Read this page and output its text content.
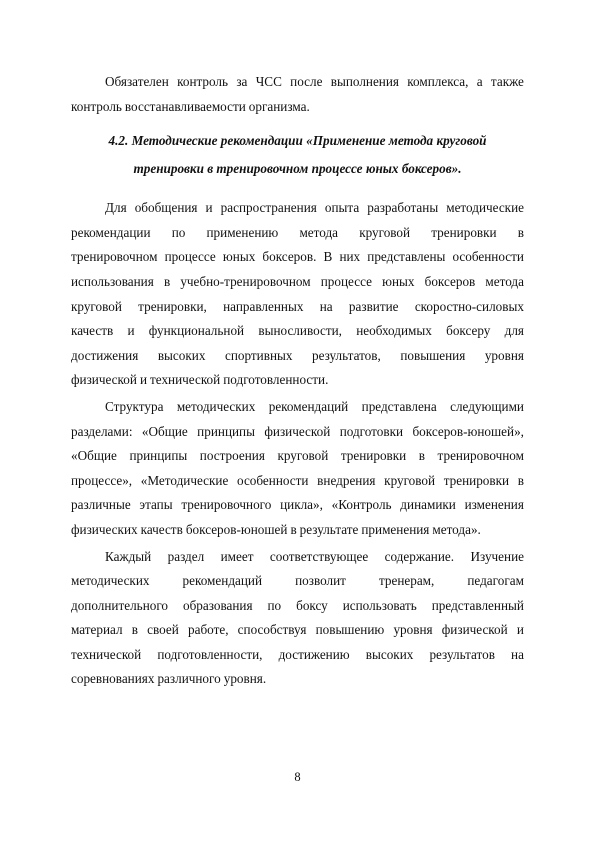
Обязателен контроль за ЧСС после выполнения комплекса, а также
контроль восстанавливаемости организма.
4.2. Методические рекомендации «Применение метода круговой
тренировки в тренировочном процессе юных боксеров».
Для обобщения и распространения опыта разработаны методические
рекомендации по применению метода круговой тренировки в
тренировочном процессе юных боксеров. В них представлены особенности
использования в учебно-тренировочном процессе юных боксеров метода
круговой тренировки, направленных на развитие скоростно-силовых
качеств и функциональной выносливости, необходимых боксеру для
достижения высоких спортивных результатов, повышения уровня
физической и технической подготовленности.
Структура методических рекомендаций представлена следующими
разделами: «Общие принципы физической подготовки боксеров-юношей»,
«Общие принципы построения круговой тренировки в тренировочном
процессе», «Методические особенности внедрения круговой тренировки в
различные этапы тренировочного цикла», «Контроль динамики изменения
физических качеств боксеров-юношей в результате применения метода».
Каждый раздел имеет соответствующее содержание. Изучение
методических	рекомендаций	позволит	тренерам,	педагогам
дополнительного образования по боксу использовать представленный
материал в своей работе, способствуя повышению уровня физической и
технической подготовленности, достижению высоких результатов на
соревнованиях различного уровня.
8
